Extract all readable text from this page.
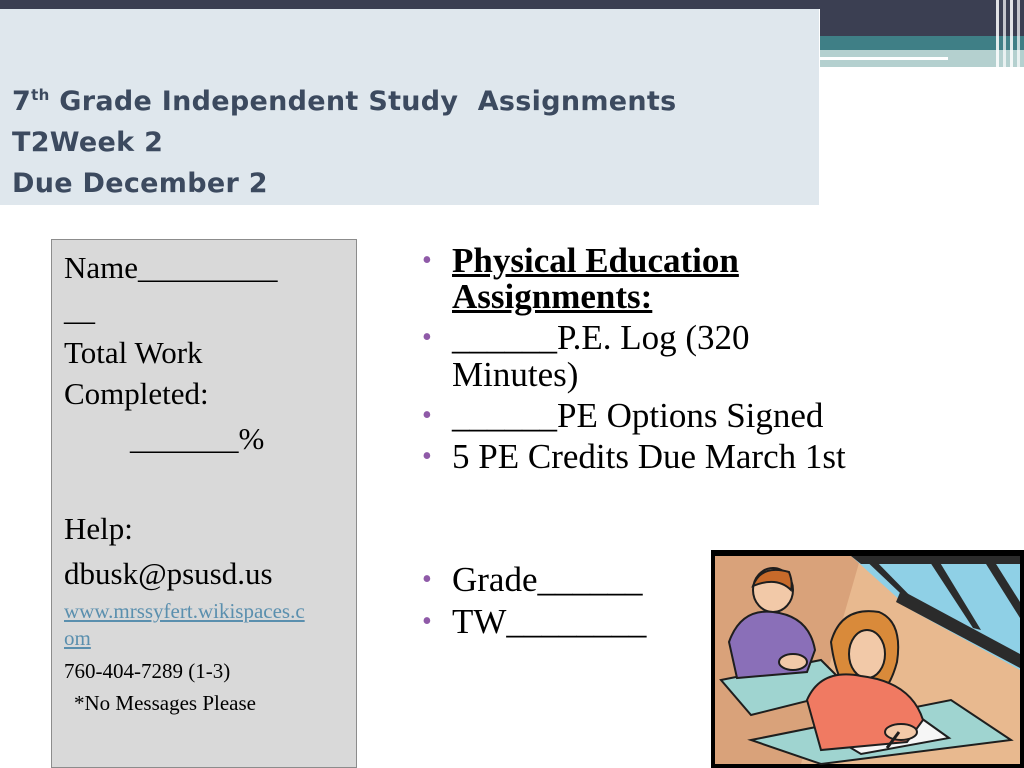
7th Grade Independent Study  Assignments
T2Week 2
Due December 2
Name_________
__
Total Work
Completed:
_______%
Help:
dbusk@psusd.us
www.mrssyfert.wikispaces.c
om
760-404-7289 (1-3)
*No Messages Please
• Physical Education
Assignments:
• ______P.E. Log (320
Minutes)
• ______PE Options Signed
• 5 PE Credits Due March 1st
• Grade______
• TW________
